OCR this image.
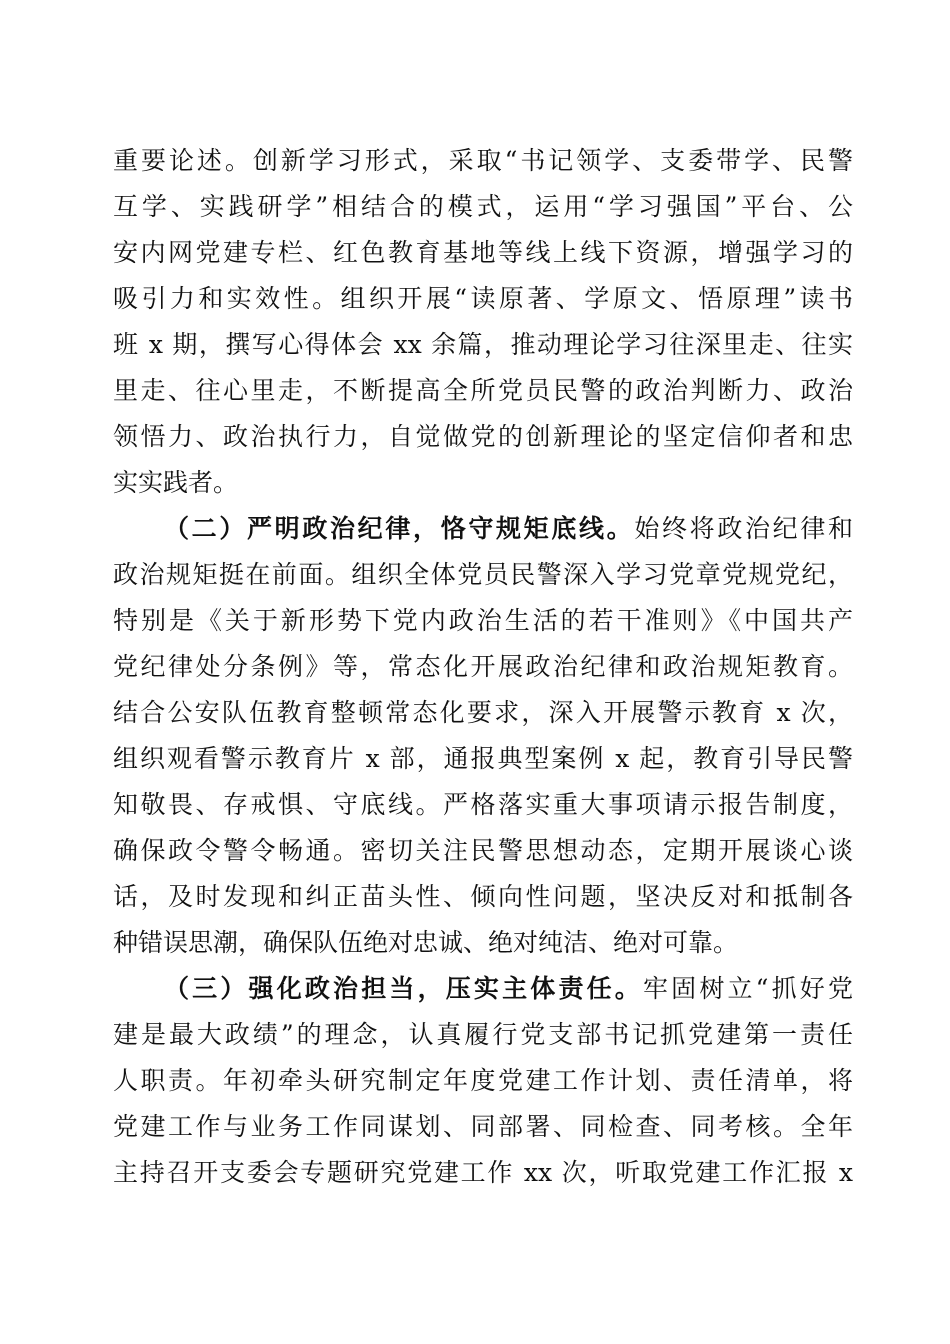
重要论述。创新学习形式，采取“书记领学、支委带学、民警
互学、实践研学”相结合的模式，运用“学习强国”平台、公
安内网党建专栏、红色教育基地等线上线下资源，增强学习的
吸引力和实效性。组织开展“读原著、学原文、悟原理”读书
班 x 期，撰写心得体会 xx 余篇，推动理论学习往深里走、往实
里走、往心里走，不断提高全所党员民警的政治判断力、政治
领悟力、政治执行力，自觉做党的创新理论的坚定信仰者和忠
实实践者。
（二）严明政治纪律，恪守规矩底线。始终将政治纪律和
政治规矩挺在前面。组织全体党员民警深入学习党章党规党纪，
特别是《关于新形势下党内政治生活的若干准则》《中国共产
党纪律处分条例》等，常态化开展政治纪律和政治规矩教育。
结合公安队伍教育整顿常态化要求，深入开展警示教育 x 次，
组织观看警示教育片 x 部，通报典型案例 x 起，教育引导民警
知敬畏、存戒惧、守底线。严格落实重大事项请示报告制度，
确保政令警令畅通。密切关注民警思想动态，定期开展谈心谈
话，及时发现和纠正苗头性、倾向性问题，坚决反对和抵制各
种错误思潮，确保队伍绝对忠诚、绝对纯洁、绝对可靠。
（三）强化政治担当，压实主体责任。牢固树立“抓好党
建是最大政绩”的理念，认真履行党支部书记抓党建第一责任
人职责。年初牵头研究制定年度党建工作计划、责任清单，将
党建工作与业务工作同谋划、同部署、同检查、同考核。全年
主持召开支委会专题研究党建工作 xx 次，听取党建工作汇报 x
